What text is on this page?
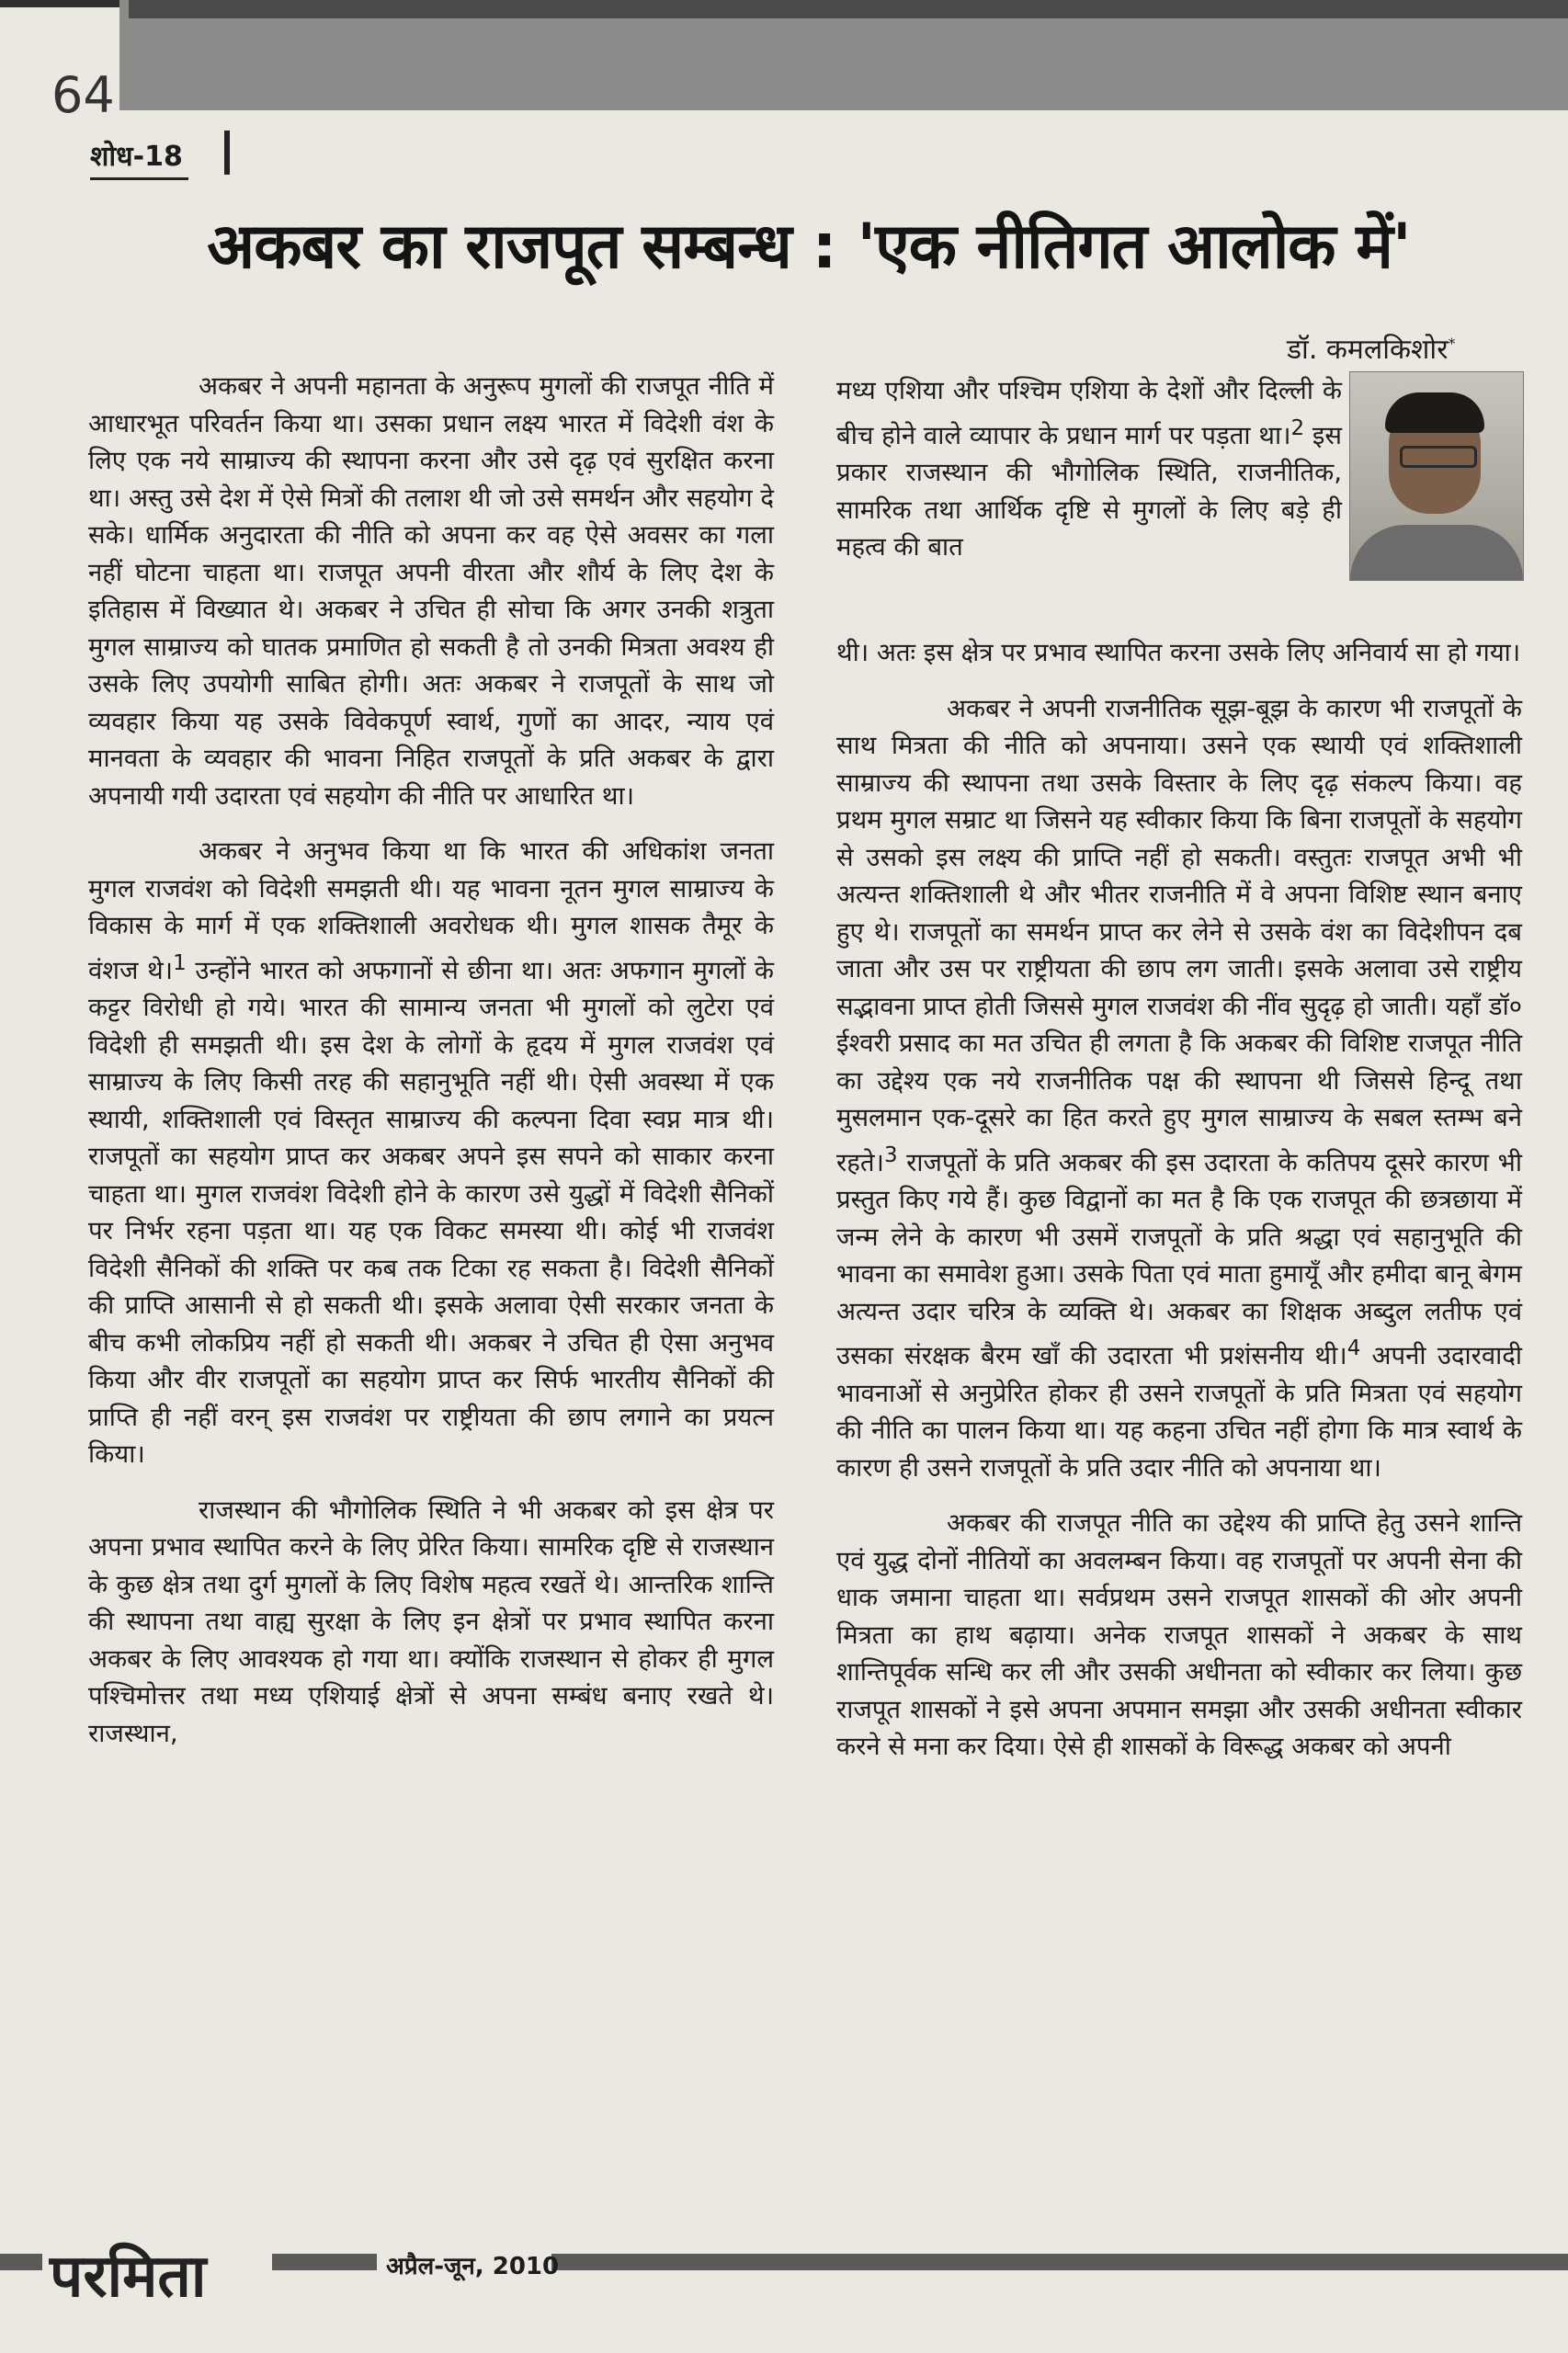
64
शोध-18
अकबर का राजपूत सम्बन्ध : 'एक नीतिगत आलोक में'
डॉ. कमलकिशोर*

अकबर ने अपनी महानता के अनुरूप मुगलों की राजपूत नीति में आधारभूत परिवर्तन किया था। उसका प्रधान लक्ष्य भारत में विदेशी वंश के लिए एक नये साम्राज्य की स्थापना करना और उसे दृढ़ एवं सुरक्षित करना था। अस्तु उसे देश में ऐसे मित्रों की तलाश थी जो उसे समर्थन और सहयोग दे सके। धार्मिक अनुदारता की नीति को अपना कर वह ऐसे अवसर का गला नहीं घोटना चाहता था। राजपूत अपनी वीरता और शौर्य के लिए देश के इतिहास में विख्यात थे। अकबर ने उचित ही सोचा कि अगर उनकी शत्रुता मुगल साम्राज्य को घातक प्रमाणित हो सकती है तो उनकी मित्रता अवश्य ही उसके लिए उपयोगी साबित होगी। अतः अकबर ने राजपूतों के साथ जो व्यवहार किया यह उसके विवेकपूर्ण स्वार्थ, गुणों का आदर, न्याय एवं मानवता के व्यवहार की भावना निहित राजपूतों के प्रति अकबर के द्वारा अपनायी गयी उदारता एवं सहयोग की नीति पर आधारित था।

अकबर ने अनुभव किया था कि भारत की अधिकांश जनता मुगल राजवंश को विदेशी समझती थी। यह भावना नूतन मुगल साम्राज्य के विकास के मार्ग में एक शक्तिशाली अवरोधक थी। मुगल शासक तैमूर के वंशज थे।$^1$ उन्होंने भारत को अफगानों से छीना था। अतः अफगान मुगलों के कट्टर विरोधी हो गये। भारत की सामान्य जनता भी मुगलों को लुटेरा एवं विदेशी ही समझती थी। इस देश के लोगों के हृदय में मुगल राजवंश एवं साम्राज्य के लिए किसी तरह की सहानुभूति नहीं थी। ऐसी अवस्था में एक स्थायी, शक्तिशाली एवं विस्तृत साम्राज्य की कल्पना दिवा स्वप्न मात्र थी। राजपूतों का सहयोग प्राप्त कर अकबर अपने इस सपने को साकार करना चाहता था। मुगल राजवंश विदेशी होने के कारण उसे युद्धों में विदेशी सैनिकों पर निर्भर रहना पड़ता था। यह एक विकट समस्या थी। कोई भी राजवंश विदेशी सैनिकों की शक्ति पर कब तक टिका रह सकता है। विदेशी सैनिकों की प्राप्ति आसानी से हो सकती थी। इसके अलावा ऐसी सरकार जनता के बीच कभी लोकप्रिय नहीं हो सकती थी। अकबर ने उचित ही ऐसा अनुभव किया और वीर राजपूतों का सहयोग प्राप्त कर सिर्फ भारतीय सैनिकों की प्राप्ति ही नहीं वरन् इस राजवंश पर राष्ट्रीयता की छाप लगाने का प्रयत्न किया।

राजस्थान की भौगोलिक स्थिति ने भी अकबर को इस क्षेत्र पर अपना प्रभाव स्थापित करने के लिए प्रेरित किया। सामरिक दृष्टि से राजस्थान के कुछ क्षेत्र तथा दुर्ग मुगलों के लिए विशेष महत्व रखतें थे। आन्तरिक शान्ति की स्थापना तथा वाह्य सुरक्षा के लिए इन क्षेत्रों पर प्रभाव स्थापित करना अकबर के लिए आवश्यक हो गया था। क्योंकि राजस्थान से होकर ही मुगल पश्चिमोत्तर तथा मध्य एशियाई क्षेत्रों से अपना सम्बंध बनाए रखते थे। राजस्थान,

मध्य एशिया और पश्चिम एशिया के देशों और दिल्ली के बीच होने वाले व्यापार के प्रधान मार्ग पर पड़ता था।$^2$ इस प्रकार राजस्थान की भौगोलिक स्थिति, राजनीतिक, सामरिक तथा आर्थिक दृष्टि से मुगलों के लिए बड़े ही महत्व की बात

थी। अतः इस क्षेत्र पर प्रभाव स्थापित करना उसके लिए अनिवार्य सा हो गया।

अकबर ने अपनी राजनीतिक सूझ-बूझ के कारण भी राजपूतों के साथ मित्रता की नीति को अपनाया। उसने एक स्थायी एवं शक्तिशाली साम्राज्य की स्थापना तथा उसके विस्तार के लिए दृढ़ संकल्प किया। वह प्रथम मुगल सम्राट था जिसने यह स्वीकार किया कि बिना राजपूतों के सहयोग से उसको इस लक्ष्य की प्राप्ति नहीं हो सकती। वस्तुतः राजपूत अभी भी अत्यन्त शक्तिशाली थे और भीतर राजनीति में वे अपना विशिष्ट स्थान बनाए हुए थे। राजपूतों का समर्थन प्राप्त कर लेने से उसके वंश का विदेशीपन दब जाता और उस पर राष्ट्रीयता की छाप लग जाती। इसके अलावा उसे राष्ट्रीय सद्भावना प्राप्त होती जिससे मुगल राजवंश की नींव सुदृढ़ हो जाती। यहाँ डॉ० ईश्वरी प्रसाद का मत उचित ही लगता है कि अकबर की विशिष्ट राजपूत नीति का उद्देश्य एक नये राजनीतिक पक्ष की स्थापना थी जिससे हिन्दू तथा मुसलमान एक-दूसरे का हित करते हुए मुगल साम्राज्य के सबल स्तम्भ बने रहते।$^3$ राजपूतों के प्रति अकबर की इस उदारता के कतिपय दूसरे कारण भी प्रस्तुत किए गये हैं। कुछ विद्वानों का मत है कि एक राजपूत की छत्रछाया में जन्म लेने के कारण भी उसमें राजपूतों के प्रति श्रद्धा एवं सहानुभूति की भावना का समावेश हुआ। उसके पिता एवं माता हुमायूँ और हमीदा बानू बेगम अत्यन्त उदार चरित्र के व्यक्ति थे। अकबर का शिक्षक अब्दुल लतीफ एवं उसका संरक्षक बैरम खाँ की उदारता भी प्रशंसनीय थी।$^4$ अपनी उदारवादी भावनाओं से अनुप्रेरित होकर ही उसने राजपूतों के प्रति मित्रता एवं सहयोग की नीति का पालन किया था। यह कहना उचित नहीं होगा कि मात्र स्वार्थ के कारण ही उसने राजपूतों के प्रति उदार नीति को अपनाया था।

अकबर की राजपूत नीति का उद्देश्य की प्राप्ति हेतु उसने शान्ति एवं युद्ध दोनों नीतियों का अवलम्बन किया। वह राजपूतों पर अपनी सेना की धाक जमाना चाहता था। सर्वप्रथम उसने राजपूत शासकों की ओर अपनी मित्रता का हाथ बढ़ाया। अनेक राजपूत शासकों ने अकबर के साथ शान्तिपूर्वक सन्धि कर ली और उसकी अधीनता को स्वीकार कर लिया। कुछ राजपूत शासकों ने इसे अपना अपमान समझा और उसकी अधीनता स्वीकार करने से मना कर दिया। ऐसे ही शासकों के विरूद्ध अकबर को अपनी

परमिता	अप्रैल-जून, 2010
